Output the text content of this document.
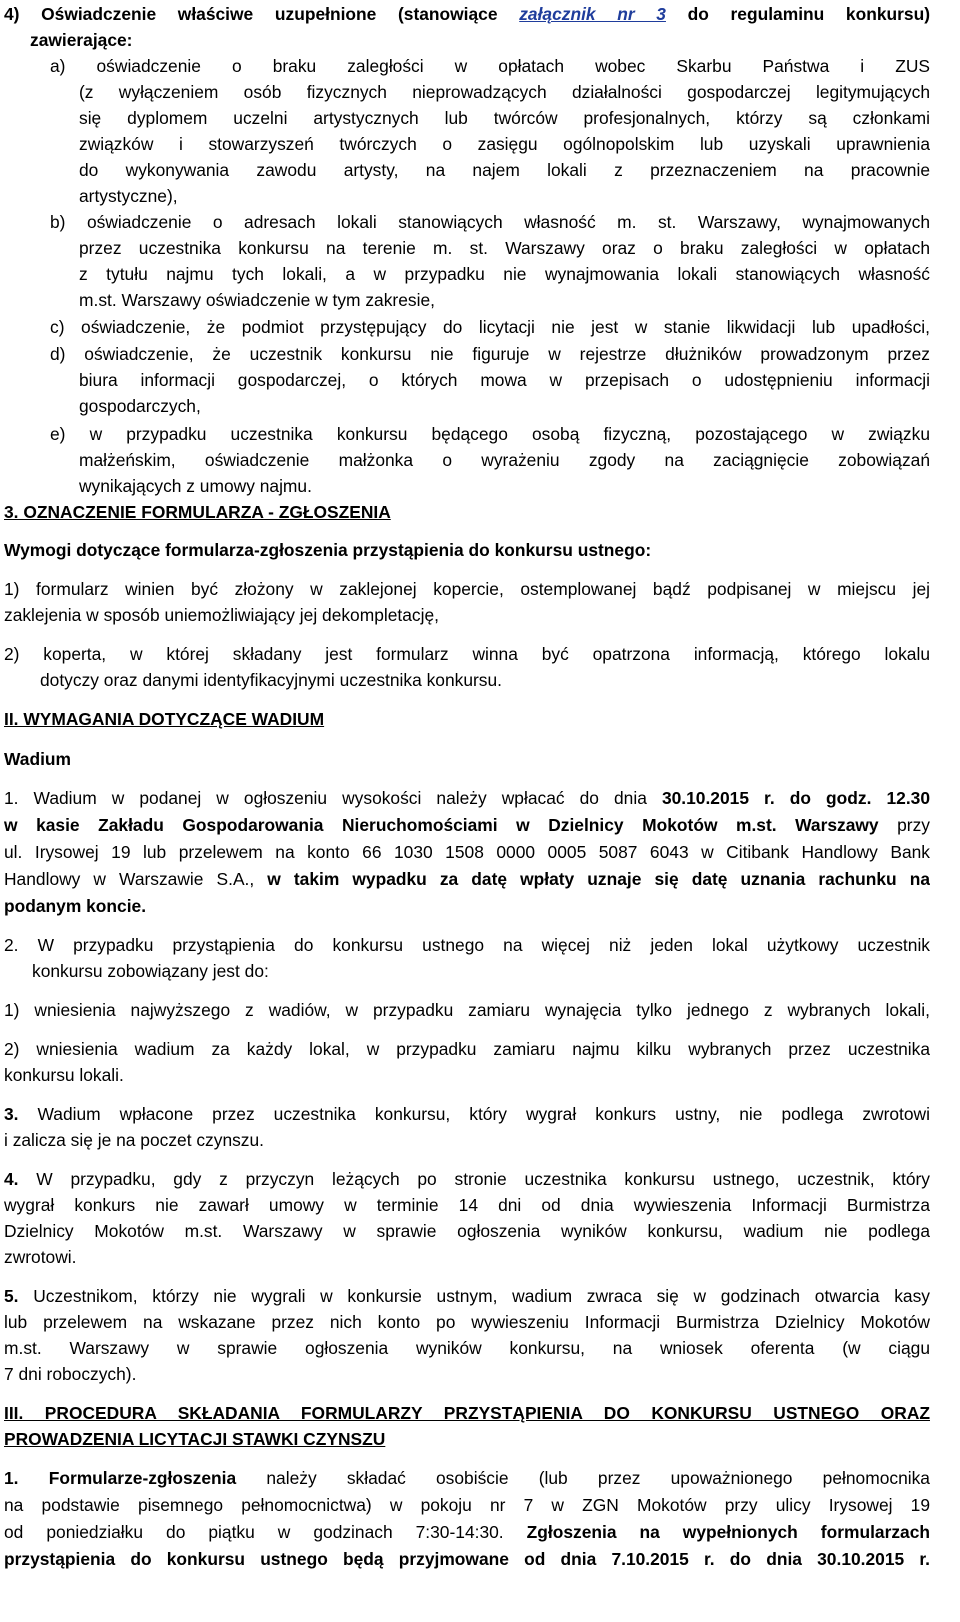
4) Oświadczenie właściwe uzupełnione (stanowiące załącznik nr 3 do regulaminu konkursu)
zawierające:
a) oświadczenie o braku zaległości w opłatach wobec Skarbu Państwa i ZUS
(z wyłączeniem osób fizycznych nieprowadzących działalności gospodarczej legitymujących
się dyplomem uczelni artystycznych lub twórców profesjonalnych, którzy są członkami
związków i stowarzyszeń twórczych o zasięgu ogólnopolskim lub uzyskali uprawnienia
do wykonywania zawodu artysty, na najem lokali z przeznaczeniem na pracownie
artystyczne),
b) oświadczenie o adresach lokali stanowiących własność m. st. Warszawy, wynajmowanych
przez uczestnika konkursu na terenie m. st. Warszawy oraz o braku zaległości w opłatach
z tytułu najmu tych lokali, a w przypadku nie wynajmowania lokali stanowiących własność
m.st. Warszawy oświadczenie w tym zakresie,
c) oświadczenie, że podmiot przystępujący do licytacji nie jest w stanie likwidacji lub upadłości,
d) oświadczenie, że uczestnik konkursu nie figuruje w rejestrze dłużników prowadzonym przez
biura informacji gospodarczej, o których mowa w przepisach o udostępnieniu informacji
gospodarczych,
e) w przypadku uczestnika konkursu będącego osobą fizyczną, pozostającego w związku
małżeńskim, oświadczenie małżonka o wyrażeniu zgody na zaciągnięcie zobowiązań
wynikających z umowy najmu.
3. OZNACZENIE FORMULARZA - ZGŁOSZENIA
Wymogi dotyczące formularza-zgłoszenia przystąpienia do konkursu ustnego:
1) formularz winien być złożony w zaklejonej kopercie, ostemplowanej bądź podpisanej w miejscu jej
zaklejenia w sposób uniemożliwiający jej dekompletację,
2) koperta, w której składany jest formularz winna być opatrzona informacją, którego lokalu
dotyczy oraz danymi identyfikacyjnymi uczestnika konkursu.
II. WYMAGANIA DOTYCZĄCE WADIUM
Wadium
1. Wadium w podanej w ogłoszeniu wysokości należy wpłacać do dnia 30.10.2015 r. do godz. 12.30
w kasie Zakładu Gospodarowania Nieruchomościami w Dzielnicy Mokotów m.st. Warszawy przy
ul. Irysowej 19 lub przelewem na konto 66 1030 1508 0000 0005 5087 6043 w Citibank Handlowy Bank
Handlowy w Warszawie S.A., w takim wypadku za datę wpłaty uznaje się datę uznania rachunku na
podanym koncie.
2. W przypadku przystąpienia do konkursu ustnego na więcej niż jeden lokal użytkowy uczestnik
konkursu zobowiązany jest do:
1) wniesienia najwyższego z wadiów, w przypadku zamiaru wynajęcia tylko jednego z wybranych lokali,
2) wniesienia wadium za każdy lokal, w przypadku zamiaru najmu kilku wybranych przez uczestnika
konkursu lokali.
3. Wadium wpłacone przez uczestnika konkursu, który wygrał konkurs ustny, nie podlega zwrotowi
i zalicza się je na poczet czynszu.
4. W przypadku, gdy z przyczyn leżących po stronie uczestnika konkursu ustnego, uczestnik, który
wygrał konkurs nie zawarł umowy w terminie 14 dni od dnia wywieszenia Informacji Burmistrza
Dzielnicy Mokotów m.st. Warszawy w sprawie ogłoszenia wyników konkursu, wadium nie podlega
zwrotowi.
5. Uczestnikom, którzy nie wygrali w konkursie ustnym, wadium zwraca się w godzinach otwarcia kasy
lub przelewem na wskazane przez nich konto po wywieszeniu Informacji Burmistrza Dzielnicy Mokotów
m.st. Warszawy w sprawie ogłoszenia wyników konkursu, na wniosek oferenta (w ciągu
7 dni roboczych).
III. PROCEDURA SKŁADANIA FORMULARZY PRZYSTĄPIENIA DO KONKURSU USTNEGO ORAZ
PROWADZENIA LICYTACJI STAWKI CZYNSZU
1. Formularze-zgłoszenia należy składać osobiście (lub przez upoważnionego pełnomocnika
na podstawie pisemnego pełnomocnictwa) w pokoju nr 7 w ZGN Mokotów przy ulicy Irysowej 19
od poniedziałku do piątku w godzinach 7:30-14:30. Zgłoszenia na wypełnionych formularzach
przystąpienia do konkursu ustnego będą przyjmowane od dnia 7.10.2015 r. do dnia 30.10.2015 r.
